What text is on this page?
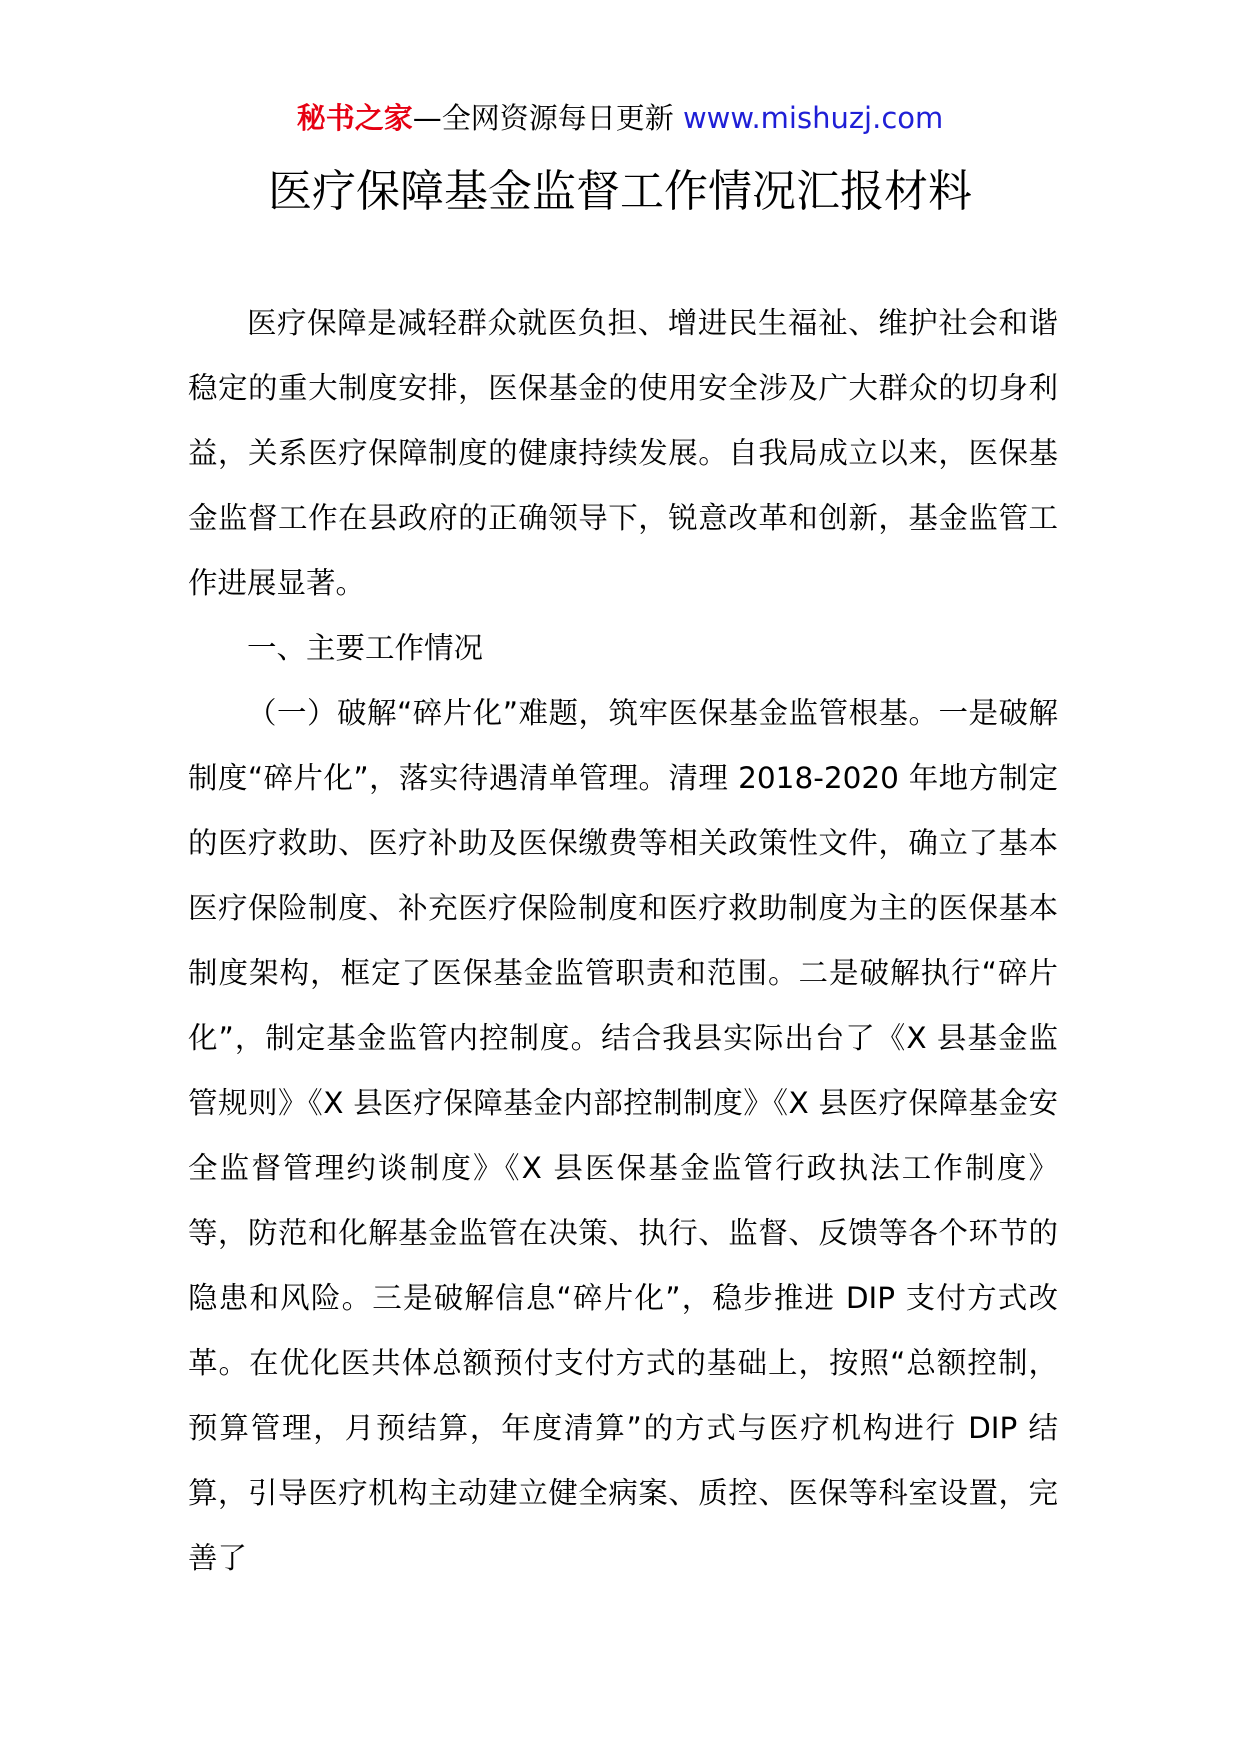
秘书之家—全网资源每日更新 www.mishuzj.com
医疗保障基金监督工作情况汇报材料

医疗保障是减轻群众就医负担、增进民生福祉、维护社会和谐稳定的重大制度安排，医保基金的使用安全涉及广大群众的切身利益，关系医疗保障制度的健康持续发展。自我局成立以来，医保基金监督工作在县政府的正确领导下，锐意改革和创新，基金监管工作进展显著。

一、主要工作情况

（一）破解“碎片化”难题，筑牢医保基金监管根基。一是破解制度“碎片化”，落实待遇清单管理。清理 2018-2020 年地方制定的医疗救助、医疗补助及医保缴费等相关政策性文件，确立了基本医疗保险制度、补充医疗保险制度和医疗救助制度为主的医保基本制度架构，框定了医保基金监管职责和范围。二是破解执行“碎片化”，制定基金监管内控制度。结合我县实际出台了《X 县基金监管规则》《X 县医疗保障基金内部控制制度》《X 县医疗保障基金安全监督管理约谈制度》《X 县医保基金监管行政执法工作制度》等，防范和化解基金监管在决策、执行、监督、反馈等各个环节的隐患和风险。三是破解信息“碎片化”，稳步推进 DIP 支付方式改革。在优化医共体总额预付支付方式的基础上，按照“总额控制，预算管理，月预结算，年度清算”的方式与医疗机构进行 DIP 结算，引导医疗机构主动建立健全病案、质控、医保等科室设置，完善了
